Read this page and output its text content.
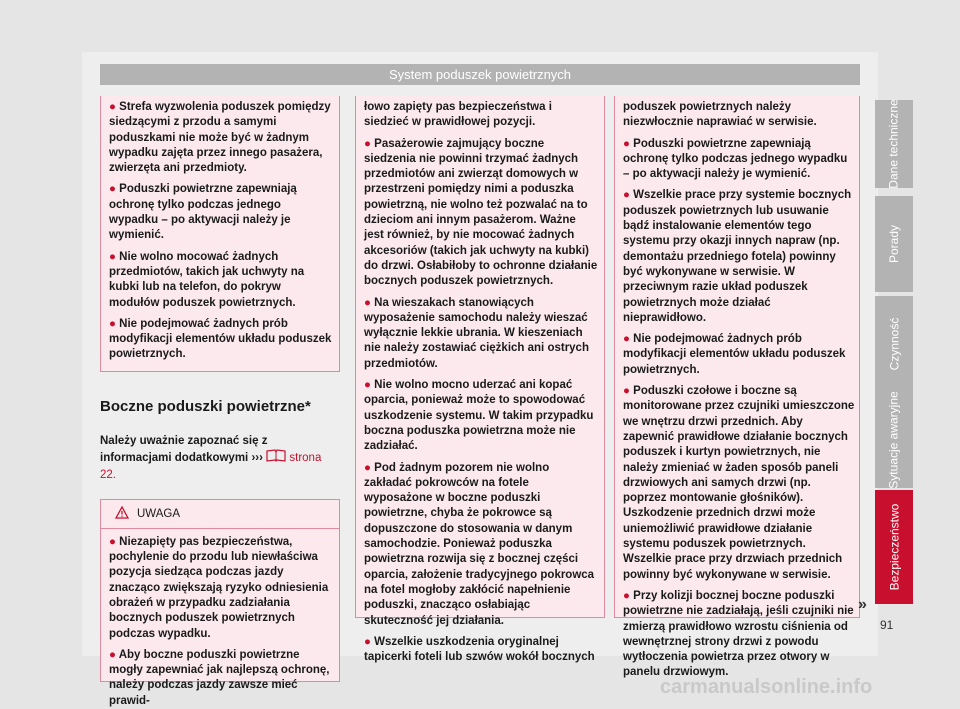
System poduszek powietrznych

● Strefa wyzwolenia poduszek pomiędzy siedzącymi z przodu a samymi poduszkami nie może być w żadnym wypadku zajęta przez innego pasażera, zwierzęta ani przedmioty.

● Poduszki powietrzne zapewniają ochronę tylko podczas jednego wypadku – po aktywacji należy je wymienić.

● Nie wolno mocować żadnych przedmiotów, takich jak uchwyty na kubki lub na telefon, do pokryw modułów poduszek powietrznych.

● Nie podejmować żadnych prób modyfikacji elementów układu poduszek powietrznych.

Boczne poduszki powietrzne*
Należy uważnie zapoznać się z informacjami dodatkowymi ››› strona 22.
UWAGA

● Niezapięty pas bezpieczeństwa, pochylenie do przodu lub niewłaściwa pozycja siedząca podczas jazdy znacząco zwiększają ryzyko odniesienia obrażeń w przypadku zadziałania bocznych poduszek powietrznych podczas wypadku.

● Aby boczne poduszki powietrzne mogły zapewniać jak najlepszą ochronę, należy podczas jazdy zawsze mieć prawid-

łowo zapięty pas bezpieczeństwa i siedzieć w prawidłowej pozycji.

● Pasażerowie zajmujący boczne siedzenia nie powinni trzymać żadnych przedmiotów ani zwierząt domowych w przestrzeni pomiędzy nimi a poduszka powietrzną, nie wolno też pozwalać na to dzieciom ani innym pasażerom. Ważne jest również, by nie mocować żadnych akcesoriów (takich jak uchwyty na kubki) do drzwi. Osłabiłoby to ochronne działanie bocznych poduszek powietrznych.

● Na wieszakach stanowiących wyposażenie samochodu należy wieszać wyłącznie lekkie ubrania. W kieszeniach nie należy zostawiać ciężkich ani ostrych przedmiotów.

● Nie wolno mocno uderzać ani kopać oparcia, ponieważ może to spowodować uszkodzenie systemu. W takim przypadku boczna poduszka powietrzna może nie zadziałać.

● Pod żadnym pozorem nie wolno zakładać pokrowców na fotele wyposażone w boczne poduszki powietrzne, chyba że pokrowce są dopuszczone do stosowania w danym samochodzie. Ponieważ poduszka powietrzna rozwija się z bocznej części oparcia, założenie tradycyjnego pokrowca na fotel mogłoby zakłócić napełnienie poduszki, znacząco osłabiając skuteczność jej działania.

● Wszelkie uszkodzenia oryginalnej tapicerki foteli lub szwów wokół bocznych

poduszek powietrznych należy niezwłocznie naprawiać w serwisie.

● Poduszki powietrzne zapewniają ochronę tylko podczas jednego wypadku – po aktywacji należy je wymienić.

● Wszelkie prace przy systemie bocznych poduszek powietrznych lub usuwanie bądź instalowanie elementów tego systemu przy okazji innych napraw (np. demontażu przedniego fotela) powinny być wykonywane w serwisie. W przeciwnym razie układ poduszek powietrznych może działać nieprawidłowo.

● Nie podejmować żadnych prób modyfikacji elementów układu poduszek powietrznych.

● Poduszki czołowe i boczne są monitorowane przez czujniki umieszczone we wnętrzu drzwi przednich. Aby zapewnić prawidłowe działanie bocznych poduszek i kurtyn powietrznych, nie należy zmieniać w żaden sposób paneli drzwiowych ani samych drzwi (np. poprzez montowanie głośników). Uszkodzenie przednich drzwi może uniemożliwić prawidłowe działanie systemu poduszek powietrznych. Wszelkie prace przy drzwiach przednich powinny być wykonywane w serwisie.

● Przy kolizji bocznej boczne poduszki powietrzne nie zadziałają, jeśli czujniki nie zmierzą prawidłowo wzrostu ciśnienia od wewnętrznej strony drzwi z powodu wytłoczenia powietrza przez otwory w panelu drzwiowym.

»
Dane techniczne
Porady
Czynność
Sytuacje awaryjne
Bezpieczeństwo
91
carmanualsonline.info
